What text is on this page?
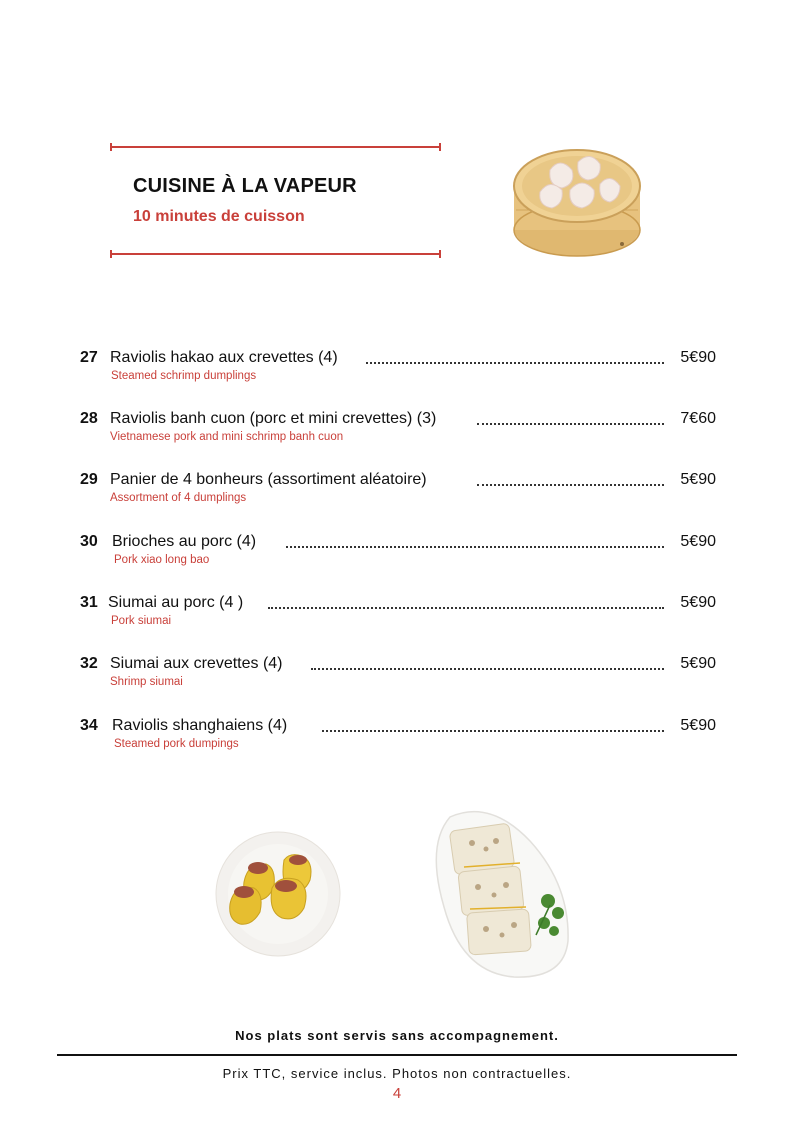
CUISINE À LA VAPEUR
10 minutes de cuisson
27 Raviolis hakao aux crevettes (4)	5€90
Steamed schrimp dumplings
28 Raviolis banh cuon (porc et mini crevettes) (3)	7€60
Vietnamese pork and mini schrimp banh cuon
29 Panier de 4 bonheurs (assortiment aléatoire)	5€90
Assortment of 4 dumplings
30 Brioches au porc (4)	5€90
Pork xiao long bao
31 Siumai au porc (4 )	5€90
Pork siumai
32 Siumai aux crevettes (4)	5€90
Shrimp siumai
34 Raviolis shanghaiens (4)	5€90
Steamed pork dumpings
Nos plats sont servis sans accompagnement.
Prix TTC, service inclus. Photos non contractuelles.
4
